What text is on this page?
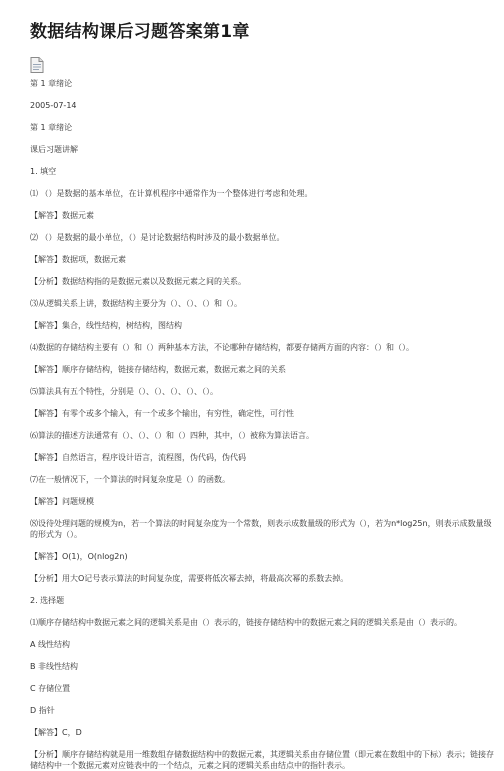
数据结构课后习题答案第1章

第 1 章绪论

2005-07-14

第 1 章绪论

课后习题讲解

1. 填空

⑴ （）是数据的基本单位，在计算机程序中通常作为一个整体进行考虑和处理。

【解答】数据元素

⑵ （）是数据的最小单位，（）是讨论数据结构时涉及的最小数据单位。

【解答】数据项，数据元素

【分析】数据结构指的是数据元素以及数据元素之间的关系。

⑶从逻辑关系上讲，数据结构主要分为（）、（）、（）和（）。

【解答】集合，线性结构，树结构，图结构

⑷数据的存储结构主要有（）和（）两种基本方法，不论哪种存储结构，都要存储两方面的内容：（）和（）。

【解答】顺序存储结构，链接存储结构，数据元素，数据元素之间的关系

⑸算法具有五个特性，分别是（）、（）、（）、（）、（）。

【解答】有零个或多个输入，有一个或多个输出，有穷性，确定性，可行性

⑹算法的描述方法通常有（）、（）、（）和（）四种，其中，（）被称为算法语言。

【解答】自然语言，程序设计语言，流程图，伪代码，伪代码

⑺在一般情况下，一个算法的时间复杂度是（）的函数。

【解答】问题规模

⑻设待处理问题的规模为n，若一个算法的时间复杂度为一个常数，则表示成数量级的形式为（），若为n*log25n，则表示成数量级的形式为（）。

【解答】O(1)，O(nlog2n)

【分析】用大O记号表示算法的时间复杂度，需要将低次幂去掉，将最高次幂的系数去掉。

2. 选择题

⑴顺序存储结构中数据元素之间的逻辑关系是由（）表示的，链接存储结构中的数据元素之间的逻辑关系是由（）表示的。

A 线性结构

B 非线性结构

C 存储位置

D 指针

【解答】C，D

【分析】顺序存储结构就是用一维数组存储数据结构中的数据元素，其逻辑关系由存储位置（即元素在数组中的下标）表示；链接存储结构中一个数据元素对应链表中的一个结点，元素之间的逻辑关系由结点中的指针表示。
